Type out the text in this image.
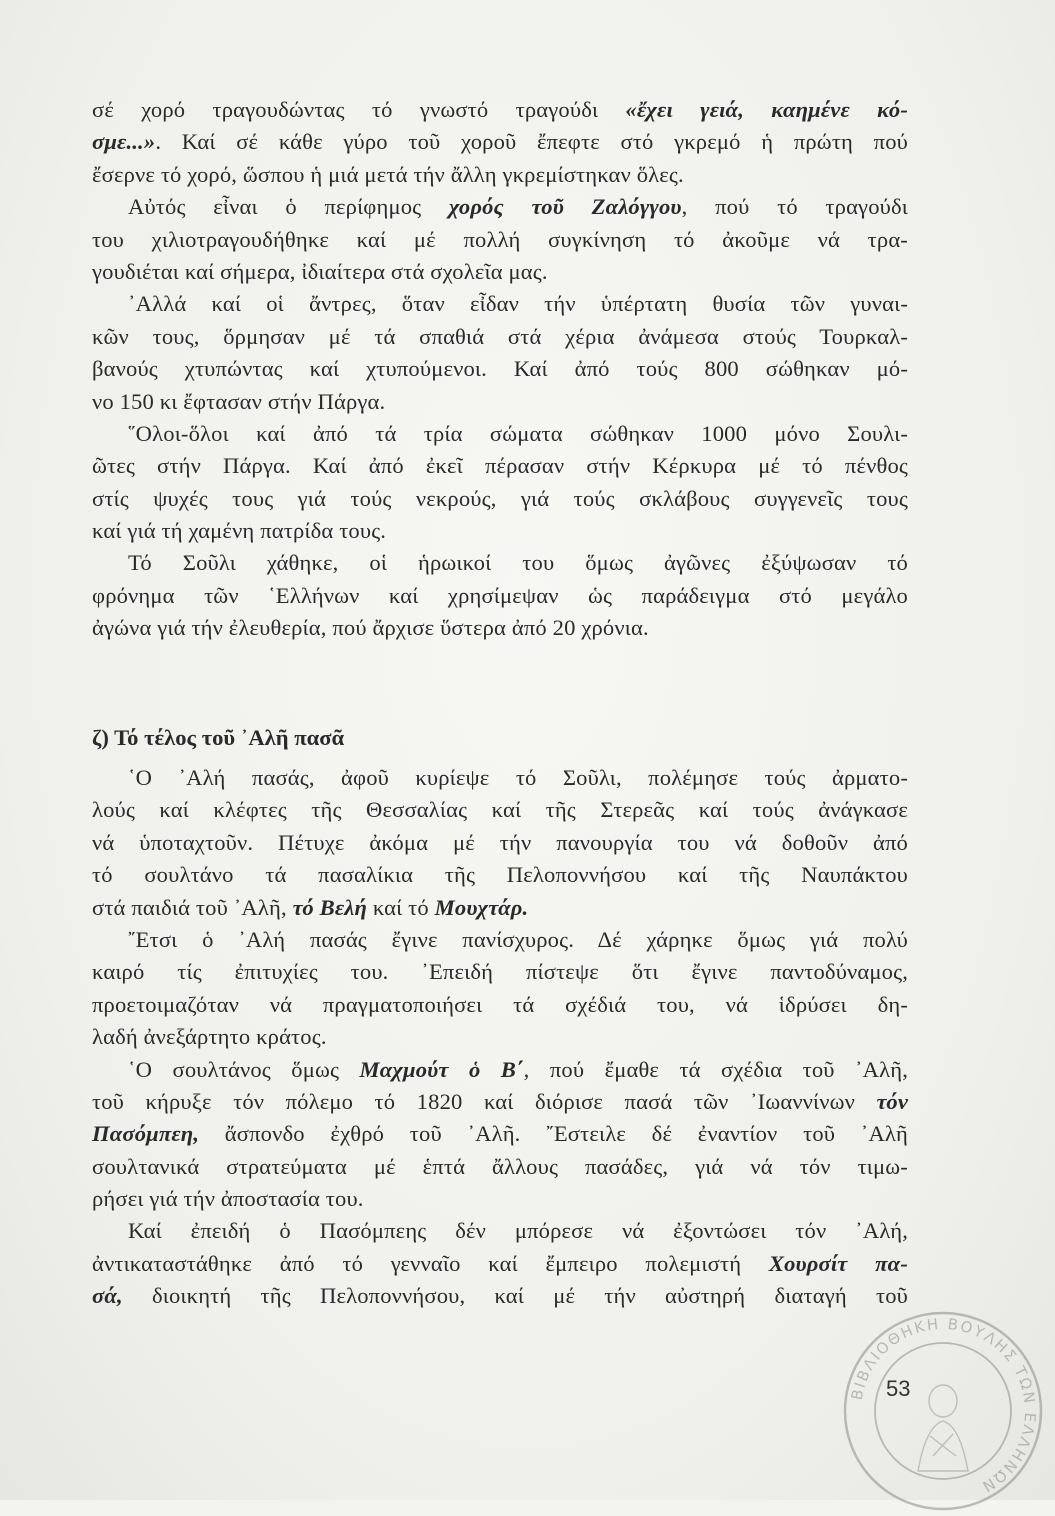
σέ χορό τραγουδώντας τό γνωστό τραγούδι «ἔχει γειά, καημένε κό-
σμε...». Καί σέ κάθε γύρο τοῦ χοροῦ ἔπεφτε στό γκρεμό ἡ πρώτη πού
ἔσερνε τό χορό, ὥσπου ἡ μιά μετά τήν ἄλλη γκρεμίστηκαν ὅλες.
Αὐτός εἶναι ὁ περίφημος χορός τοῦ Ζαλόγγου, πού τό τραγούδι
του χιλιοτραγουδήθηκε καί μέ πολλή συγκίνηση τό ἀκοῦμε νά τρα-
γουδιέται καί σήμερα, ἰδιαίτερα στά σχολεῖα μας.
᾿Αλλά καί οἱ ἄντρες, ὅταν εἶδαν τήν ὑπέρτατη θυσία τῶν γυναι-
κῶν τους, ὅρμησαν μέ τά σπαθιά στά χέρια ἀνάμεσα στούς Τουρκαλ-
βανούς χτυπώντας καί χτυπούμενοι. Καί ἀπό τούς 800 σώθηκαν μό-
νο 150 κι ἔφτασαν στήν Πάργα.
῞Ολοι-ὅλοι καί ἀπό τά τρία σώματα σώθηκαν 1000 μόνο Σουλι-
ῶτες στήν Πάργα. Καί ἀπό ἐκεῖ πέρασαν στήν Κέρκυρα μέ τό πένθος
στίς ψυχές τους γιά τούς νεκρούς, γιά τούς σκλάβους συγγενεῖς τους
καί γιά τή χαμένη πατρίδα τους.
Τό Σοῦλι χάθηκε, οἱ ἡρωικοί του ὅμως ἀγῶνες ἐξύψωσαν τό
φρόνημα τῶν ῾Ελλήνων καί χρησίμεψαν ὡς παράδειγμα στό μεγάλο
ἀγώνα γιά τήν ἐλευθερία, πού ἄρχισε ὕστερα ἀπό 20 χρόνια.
ζ) Τό τέλος τοῦ ᾿Αλῆ πασᾶ
῾Ο ᾿Αλή πασάς, ἀφοῦ κυρίεψε τό Σοῦλι, πολέμησε τούς ἀρματο-
λούς καί κλέφτες τῆς Θεσσαλίας καί τῆς Στερεᾶς καί τούς ἀνάγκασε
νά ὑποταχτοῦν. Πέτυχε ἀκόμα μέ τήν πανουργία του νά δοθοῦν ἀπό
τό σουλτάνο τά πασαλίκια τῆς Πελοποννήσου καί τῆς Ναυπάκτου
στά παιδιά τοῦ ᾿Αλῆ, τό Βελή καί τό Μουχτάρ.
῎Ετσι ὁ ᾿Αλή πασάς ἔγινε πανίσχυρος. Δέ χάρηκε ὅμως γιά πολύ
καιρό τίς ἐπιτυχίες του. ᾿Επειδή πίστεψε ὅτι ἔγινε παντοδύναμος,
προετοιμαζόταν νά πραγματοποιήσει τά σχέδιά του, νά ἱδρύσει δη-
λαδή ἀνεξάρτητο κράτος.
῾Ο σουλτάνος ὅμως Μαχμούτ ὁ Β΄, πού ἔμαθε τά σχέδια τοῦ ᾿Αλῆ,
τοῦ κήρυξε τόν πόλεμο τό 1820 καί διόρισε πασά τῶν ᾿Ιωαννίνων τόν
Πασόμπεη, ἄσπονδο ἐχθρό τοῦ ᾿Αλῆ. ῎Εστειλε δέ ἐναντίον τοῦ ᾿Αλῆ
σουλτανικά στρατεύματα μέ ἑπτά ἄλλους πασάδες, γιά νά τόν τιμω-
ρήσει γιά τήν ἀποστασία του.
Καί ἐπειδή ὁ Πασόμπεης δέν μπόρεσε νά ἐξοντώσει τόν ᾿Αλή,
ἀντικαταστάθηκε ἀπό τό γενναῖο καί ἔμπειρο πολεμιστή Χουρσίτ πα-
σά, διοικητή τῆς Πελοποννήσου, καί μέ τήν αὐστηρή διαταγή τοῦ
ΒΙΒΛΙΟΘΗΚΗ ΒΟΥΛΗΣ ΤΩΝ ΕΛΛΗΝΩΝ
53
